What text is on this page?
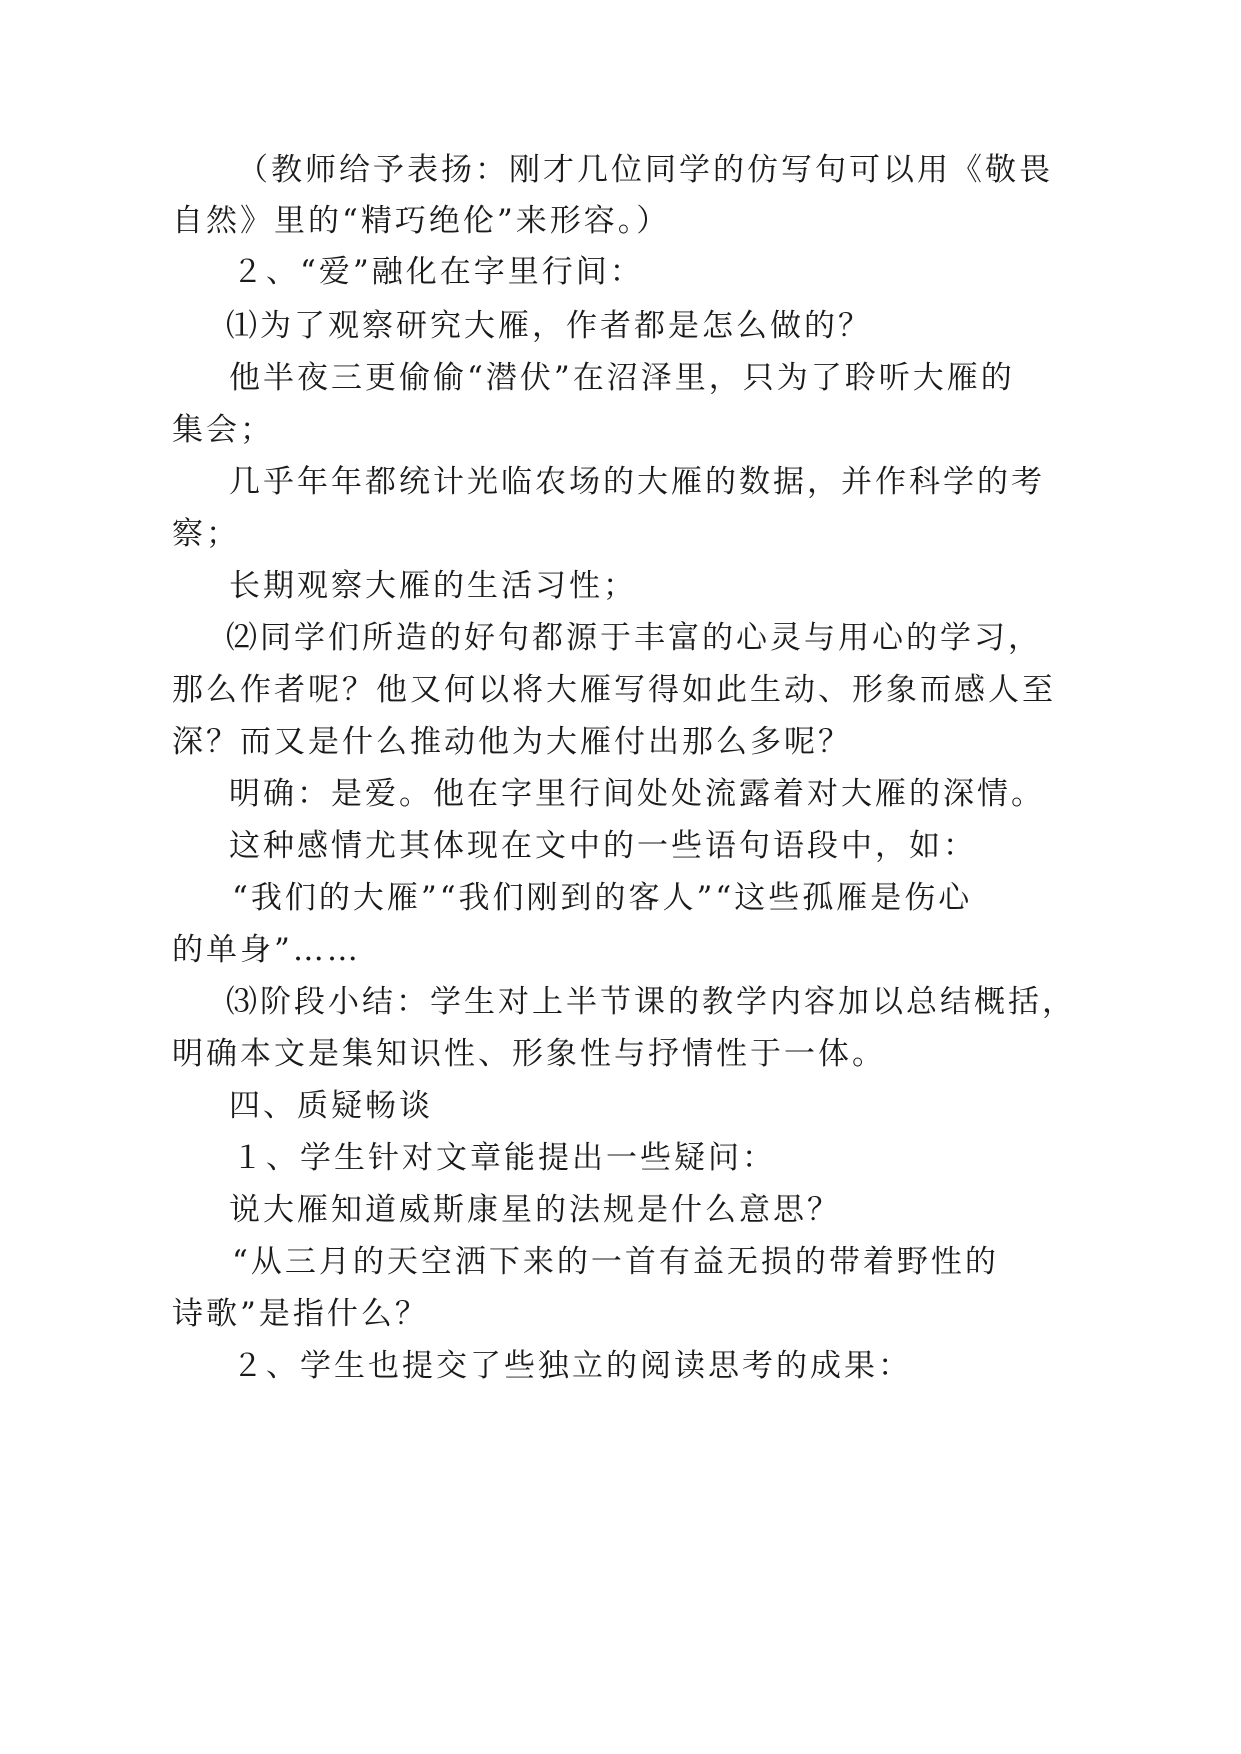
（教师给予表扬：刚才几位同学的仿写句可以用《敬畏
自然》里的“精巧绝伦”来形容。）
２、“爱”融化在字里行间：
⑴为了观察研究大雁，作者都是怎么做的？
他半夜三更偷偷“潜伏”在沼泽里，只为了聆听大雁的
集会；
几乎年年都统计光临农场的大雁的数据，并作科学的考
察；
长期观察大雁的生活习性；
⑵同学们所造的好句都源于丰富的心灵与用心的学习，
那么作者呢？他又何以将大雁写得如此生动、形象而感人至
深？而又是什么推动他为大雁付出那么多呢？
明确：是爱。他在字里行间处处流露着对大雁的深情。
这种感情尤其体现在文中的一些语句语段中，如：
“我们的大雁”“我们刚到的客人”“这些孤雁是伤心
的单身”……
⑶阶段小结：学生对上半节课的教学内容加以总结概括，
明确本文是集知识性、形象性与抒情性于一体。
四、质疑畅谈
１、学生针对文章能提出一些疑问：
说大雁知道威斯康星的法规是什么意思？
“从三月的天空洒下来的一首有益无损的带着野性的
诗歌”是指什么？
２、学生也提交了些独立的阅读思考的成果：
